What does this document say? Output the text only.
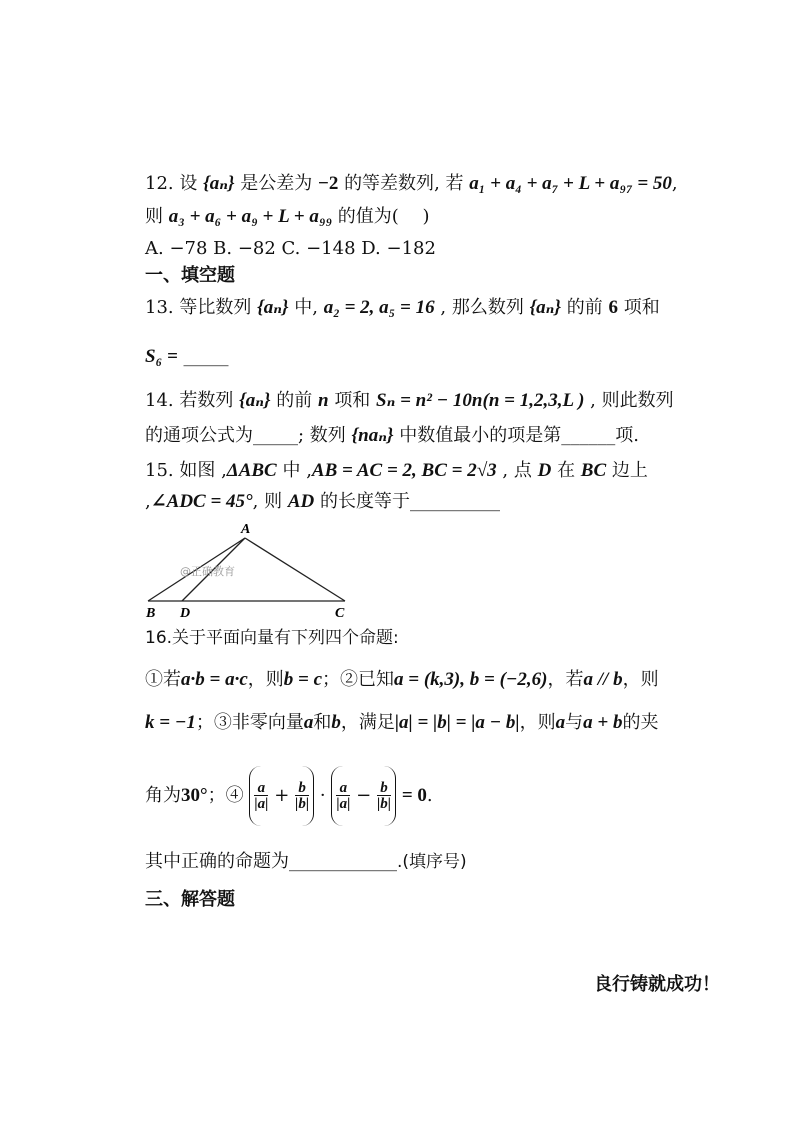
12. 设 {aₙ} 是公差为 −2 的等差数列, 若 a₁ + a₄ + a₇ + L + a₉₇ = 50,
则 a₃ + a₆ + a₉ + L + a₉₉ 的值为(　 )
A. −78 B. −82 C. −148 D. −182
一、填空题
13. 等比数列 {aₙ} 中, a₂ = 2, a₅ = 16 , 那么数列 {aₙ} 的前 6 项和
S₆ = _____
14. 若数列 {aₙ} 的前 n 项和 Sₙ = n² − 10n(n = 1,2,3,L ) , 则此数列
的通项公式为_____; 数列 {naₙ} 中数值最小的项是第______项.
15. 如图 ,ΔABC 中 ,AB = AC = 2, BC = 2√3 , 点 D 在 BC 边上
,∠ADC = 45°, 则 AD 的长度等于__________
A
B D	C
@正确教育
16.关于平面向量有下列四个命题:
①若a·b = a·c，则b = c；②已知a = (k,3), b = (−2,6)，若a // b，则
k = −1；③非零向量a和b，满足|a| = |b| = |a − b|，则a与a + b的夹
角为30°；④ $\frac{a}{|a|} + \frac{b}{|b|} \cdot \frac{a}{|a|} - \frac{b}{|b|} = 0$.
其中正确的命题为____________.(填序号)
三、解答题
良行铸就成功！
